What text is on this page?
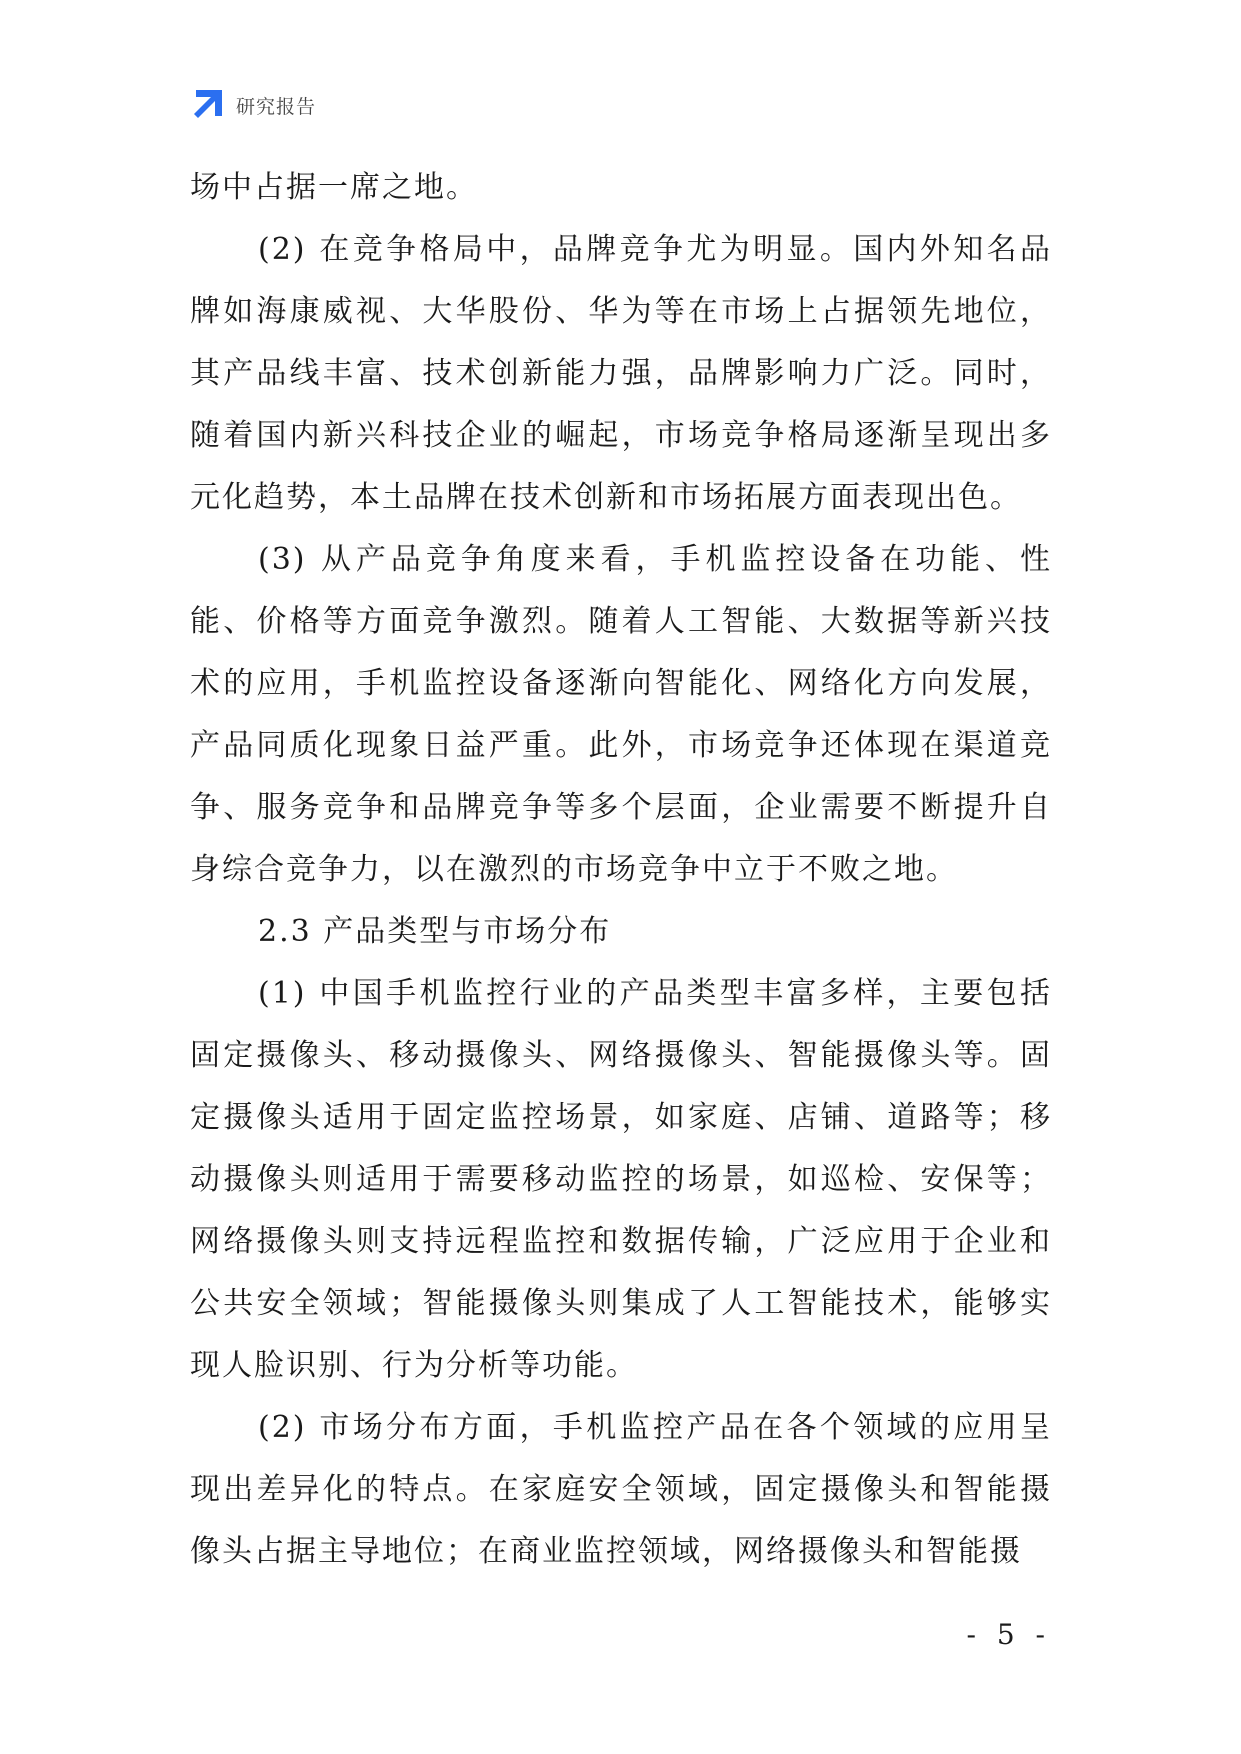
研究报告

场中占据一席之地。

(2) 在竞争格局中，品牌竞争尤为明显。国内外知名品牌如海康威视、大华股份、华为等在市场上占据领先地位，其产品线丰富、技术创新能力强，品牌影响力广泛。同时，随着国内新兴科技企业的崛起，市场竞争格局逐渐呈现出多元化趋势，本土品牌在技术创新和市场拓展方面表现出色。

(3) 从产品竞争角度来看，手机监控设备在功能、性能、价格等方面竞争激烈。随着人工智能、大数据等新兴技术的应用，手机监控设备逐渐向智能化、网络化方向发展，产品同质化现象日益严重。此外，市场竞争还体现在渠道竞争、服务竞争和品牌竞争等多个层面，企业需要不断提升自身综合竞争力，以在激烈的市场竞争中立于不败之地。

2.3 产品类型与市场分布

(1) 中国手机监控行业的产品类型丰富多样，主要包括固定摄像头、移动摄像头、网络摄像头、智能摄像头等。固定摄像头适用于固定监控场景，如家庭、店铺、道路等；移动摄像头则适用于需要移动监控的场景，如巡检、安保等；网络摄像头则支持远程监控和数据传输，广泛应用于企业和公共安全领域；智能摄像头则集成了人工智能技术，能够实现人脸识别、行为分析等功能。

(2) 市场分布方面，手机监控产品在各个领域的应用呈现出差异化的特点。在家庭安全领域，固定摄像头和智能摄像头占据主导地位；在商业监控领域，网络摄像头和智能摄

- 5 -
